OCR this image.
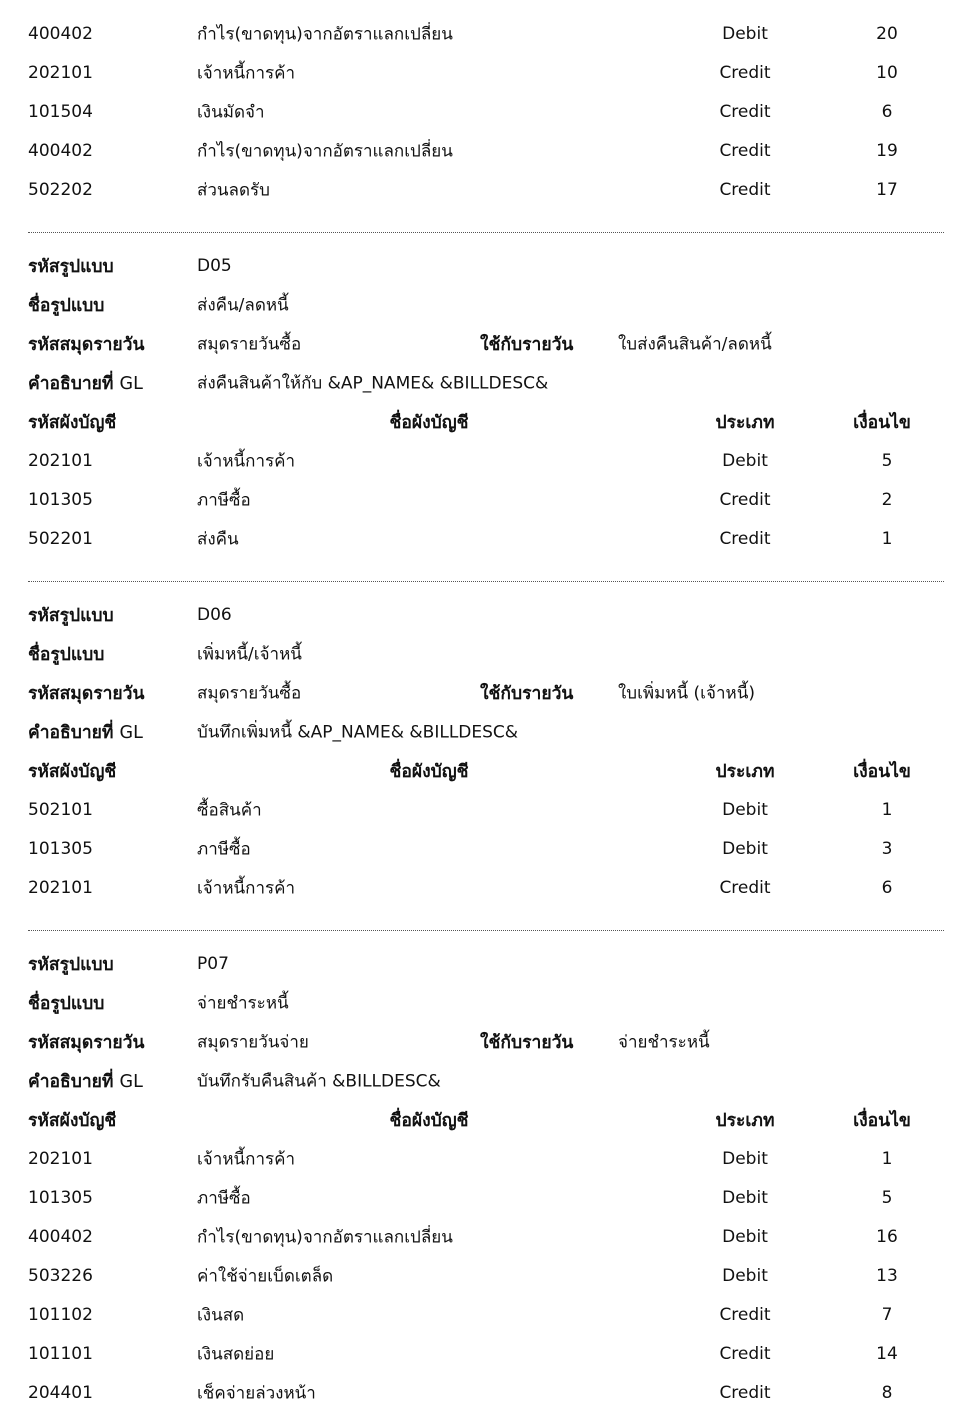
400402	กำไร(ขาดทุน)จากอัตราแลกเปลี่ยน	Debit	20
202101	เจ้าหนี้การค้า	Credit	10
101504	เงินมัดจำ	Credit	6
400402	กำไร(ขาดทุน)จากอัตราแลกเปลี่ยน	Credit	19
502202	ส่วนลดรับ	Credit	17
รหัสรูปแบบ	D05
ชื่อรูปแบบ	ส่งคืน/ลดหนี้
รหัสสมุดรายวัน	สมุดรายวันซื้อ	ใช้กับรายวัน	ใบส่งคืนสินค้า/ลดหนี้
คำอธิบายที่ GL	ส่งคืนสินค้าให้กับ &AP_NAME& &BILLDESC&
รหัสผังบัญชี	ชื่อผังบัญชี	ประเภท	เงื่อนไข
202101	เจ้าหนี้การค้า	Debit	5
101305	ภาษีซื้อ	Credit	2
502201	ส่งคืน	Credit	1
รหัสรูปแบบ	D06
ชื่อรูปแบบ	เพิ่มหนี้/เจ้าหนี้
รหัสสมุดรายวัน	สมุดรายวันซื้อ	ใช้กับรายวัน	ใบเพิ่มหนี้ (เจ้าหนี้)
คำอธิบายที่ GL	บันทึกเพิ่มหนี้ &AP_NAME& &BILLDESC&
รหัสผังบัญชี	ชื่อผังบัญชี	ประเภท	เงื่อนไข
502101	ซื้อสินค้า	Debit	1
101305	ภาษีซื้อ	Debit	3
202101	เจ้าหนี้การค้า	Credit	6
รหัสรูปแบบ	P07
ชื่อรูปแบบ	จ่ายชำระหนี้
รหัสสมุดรายวัน	สมุดรายวันจ่าย	ใช้กับรายวัน	จ่ายชำระหนี้
คำอธิบายที่ GL	บันทึกรับคืนสินค้า &BILLDESC&
รหัสผังบัญชี	ชื่อผังบัญชี	ประเภท	เงื่อนไข
202101	เจ้าหนี้การค้า	Debit	1
101305	ภาษีซื้อ	Debit	5
400402	กำไร(ขาดทุน)จากอัตราแลกเปลี่ยน	Debit	16
503226	ค่าใช้จ่ายเบ็ดเตล็ด	Debit	13
101102	เงินสด	Credit	7
101101	เงินสดย่อย	Credit	14
204401	เช็คจ่ายล่วงหน้า	Credit	8
